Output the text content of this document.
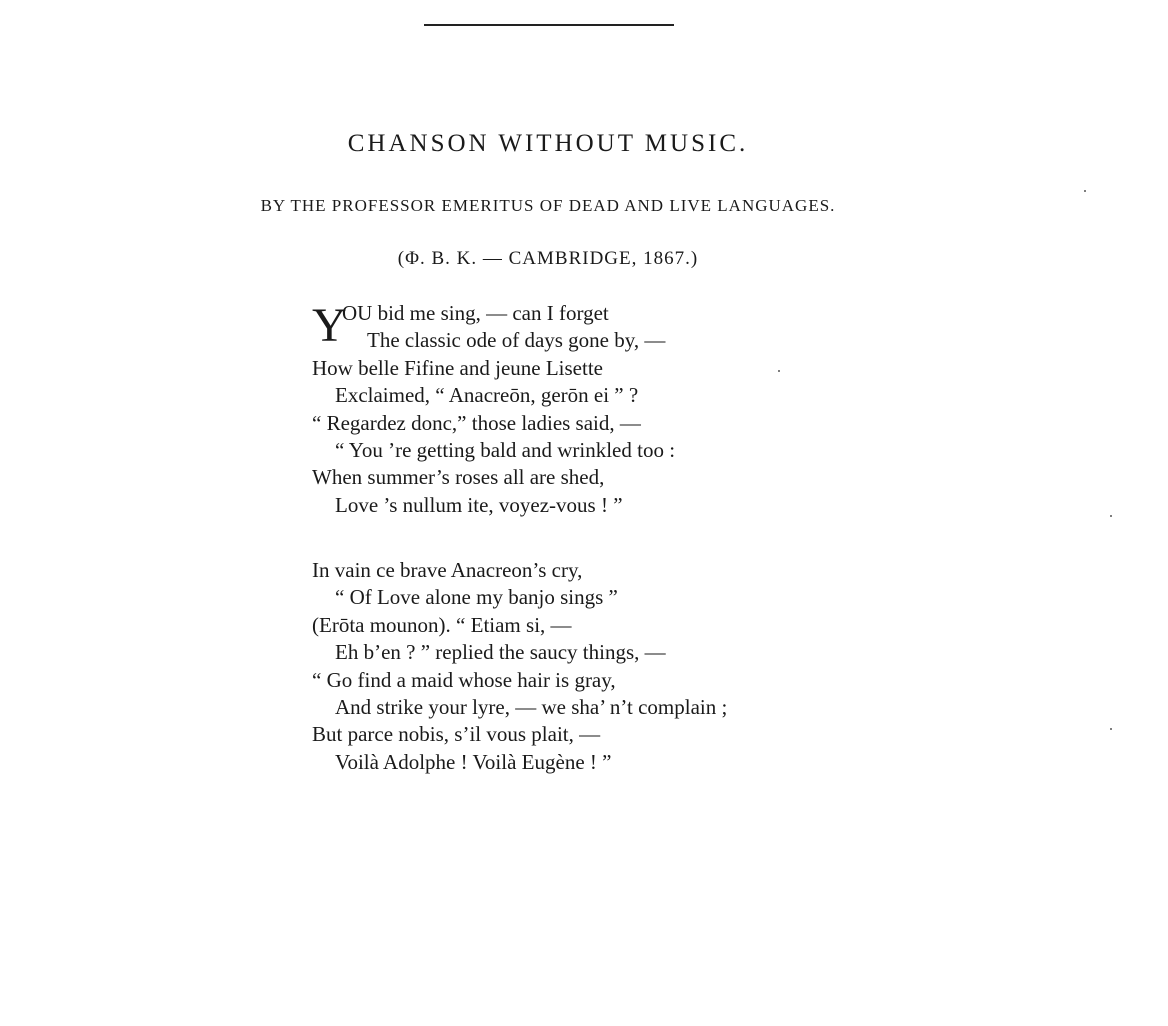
CHANSON WITHOUT MUSIC.
BY THE PROFESSOR EMERITUS OF DEAD AND LIVE LANGUAGES.
(Φ. B. K. — CAMBRIDGE, 1867.)
Y
OU bid me sing, — can I forget
The classic ode of days gone by, —
How belle Fifine and jeune Lisette
Exclaimed, “ Anacreōn, gerōn ei ” ?
“ Regardez donc,” those ladies said, —
“ You ’re getting bald and wrinkled too :
When summer’s roses all are shed,
Love ’s nullum ite, voyez-vous ! ”
In vain ce brave Anacreon’s cry,
“ Of Love alone my banjo sings ”
(Erōta mounon). “ Etiam si, —
Eh b’en ? ” replied the saucy things, —
“ Go find a maid whose hair is gray,
And strike your lyre, — we sha’ n’t complain ;
But parce nobis, s’il vous plait, —
Voilà Adolphe ! Voilà Eugène ! ”
